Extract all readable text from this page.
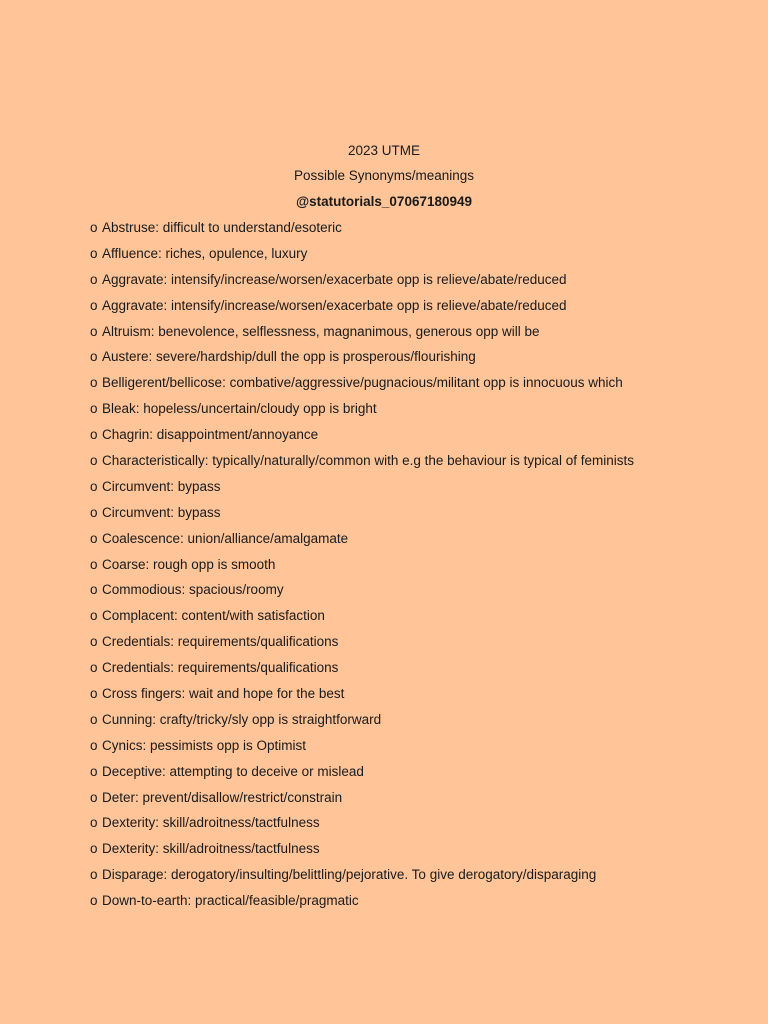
2023 UTME
Possible Synonyms/meanings
@statutorials_07067180949
o Abstruse: difficult to understand/esoteric
o Affluence: riches, opulence, luxury
o Aggravate: intensify/increase/worsen/exacerbate opp is relieve/abate/reduced
o Aggravate: intensify/increase/worsen/exacerbate opp is relieve/abate/reduced
o Altruism: benevolence, selflessness, magnanimous, generous opp will be
o Austere: severe/hardship/dull the opp is prosperous/flourishing
o Belligerent/bellicose: combative/aggressive/pugnacious/militant opp is innocuous which
o Bleak: hopeless/uncertain/cloudy opp is bright
o Chagrin: disappointment/annoyance
o Characteristically: typically/naturally/common with e.g the behaviour is typical of feminists
o Circumvent: bypass
o Circumvent: bypass
o Coalescence: union/alliance/amalgamate
o Coarse: rough opp is smooth
o Commodious: spacious/roomy
o Complacent: content/with satisfaction
o Credentials: requirements/qualifications
o Credentials: requirements/qualifications
o Cross fingers: wait and hope for the best
o Cunning: crafty/tricky/sly opp is straightforward
o Cynics: pessimists opp is Optimist
o Deceptive: attempting to deceive or mislead
o Deter: prevent/disallow/restrict/constrain
o Dexterity: skill/adroitness/tactfulness
o Dexterity: skill/adroitness/tactfulness
o Disparage: derogatory/insulting/belittling/pejorative. To give derogatory/disparaging
o Down-to-earth: practical/feasible/pragmatic
